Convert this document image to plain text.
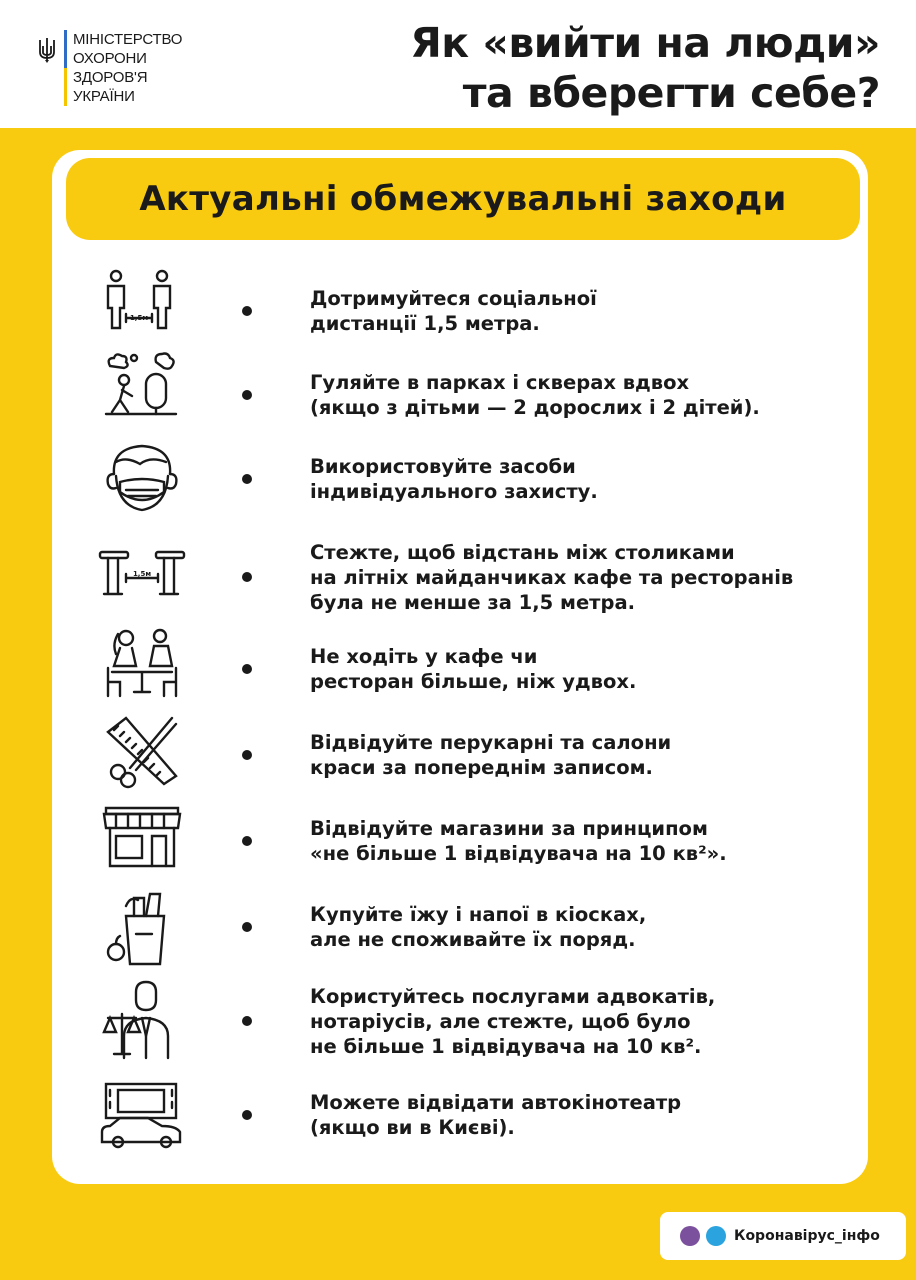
МІНІСТЕРСТВО
ОХОРОНИ
ЗДОРОВ'Я
УКРАЇНИ
Як «вийти на люди»
та вберегти себе?
Актуальні обмежувальні заходи
1,5м
Дотримуйтеся соціальної
дистанції 1,5 метра.
Гуляйте в парках і скверах вдвох
(якщо з дітьми — 2 дорослих і 2 дітей).
Використовуйте засоби
індивідуального захисту.
1,5м
Стежте, щоб відстань між столиками
на літніх майданчиках кафе та ресторанів
була не менше за 1,5 метра.
Не ходіть у кафе чи
ресторан більше, ніж удвох.
Відвідуйте перукарні та салони
краси за попереднім записом.
Відвідуйте магазини за принципом
«не більше 1 відвідувача на 10 кв²».
Купуйте їжу і напої в кіосках,
але не споживайте їх поряд.
Користуйтесь послугами адвокатів,
нотаріусів, але стежте, щоб було
не більше 1 відвідувача на 10 кв².
Можете відвідати автокінотеатр
(якщо ви в Києві).
Коронавірус_інфо
